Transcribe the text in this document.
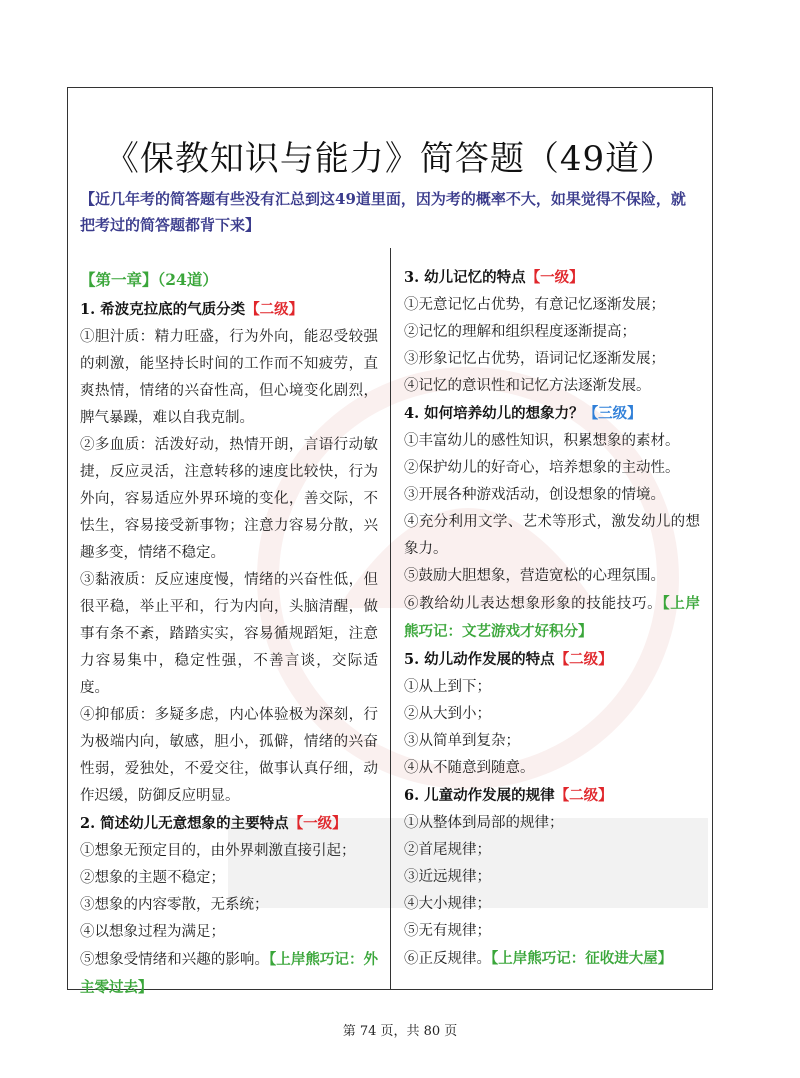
《保教知识与能力》简答题（49道）
【近几年考的简答题有些没有汇总到这49道里面，因为考的概率不大，如果觉得不保险，就把考过的简答题都背下来】
【第一章】（24道）

1. 希波克拉底的气质分类【二级】

①胆汁质：精力旺盛，行为外向，能忍受较强的刺激，能坚持长时间的工作而不知疲劳，直爽热情，情绪的兴奋性高，但心境变化剧烈，脾气暴躁，难以自我克制。

②多血质：活泼好动，热情开朗，言语行动敏捷，反应灵活，注意转移的速度比较快，行为外向，容易适应外界环境的变化，善交际，不怯生，容易接受新事物；注意力容易分散，兴趣多变，情绪不稳定。

③黏液质：反应速度慢，情绪的兴奋性低，但很平稳，举止平和，行为内向，头脑清醒，做事有条不紊，踏踏实实，容易循规蹈矩，注意力容易集中，稳定性强，不善言谈，交际适度。

④抑郁质：多疑多虑，内心体验极为深刻，行为极端内向，敏感，胆小，孤僻，情绪的兴奋性弱，爱独处，不爱交往，做事认真仔细，动作迟缓，防御反应明显。

2. 简述幼儿无意想象的主要特点【一级】

①想象无预定目的，由外界刺激直接引起；

②想象的主题不稳定；

③想象的内容零散，无系统；

④以想象过程为满足；

⑤想象受情绪和兴趣的影响。【上岸熊巧记：外主零过去】

3. 幼儿记忆的特点【一级】

①无意记忆占优势，有意记忆逐渐发展；

②记忆的理解和组织程度逐渐提高；

③形象记忆占优势，语词记忆逐渐发展；

④记忆的意识性和记忆方法逐渐发展。

4. 如何培养幼儿的想象力？【三级】

①丰富幼儿的感性知识，积累想象的素材。

②保护幼儿的好奇心，培养想象的主动性。

③开展各种游戏活动，创设想象的情境。

④充分利用文学、艺术等形式，激发幼儿的想象力。

⑤鼓励大胆想象，营造宽松的心理氛围。

⑥教给幼儿表达想象形象的技能技巧。【上岸熊巧记：文艺游戏才好积分】

5. 幼儿动作发展的特点【二级】

①从上到下；

②从大到小；

③从简单到复杂；

④从不随意到随意。

6. 儿童动作发展的规律【二级】

①从整体到局部的规律；

②首尾规律；

③近远规律；

④大小规律；

⑤无有规律；

⑥正反规律。【上岸熊巧记：征收进大屋】

第 74 页，共 80 页
